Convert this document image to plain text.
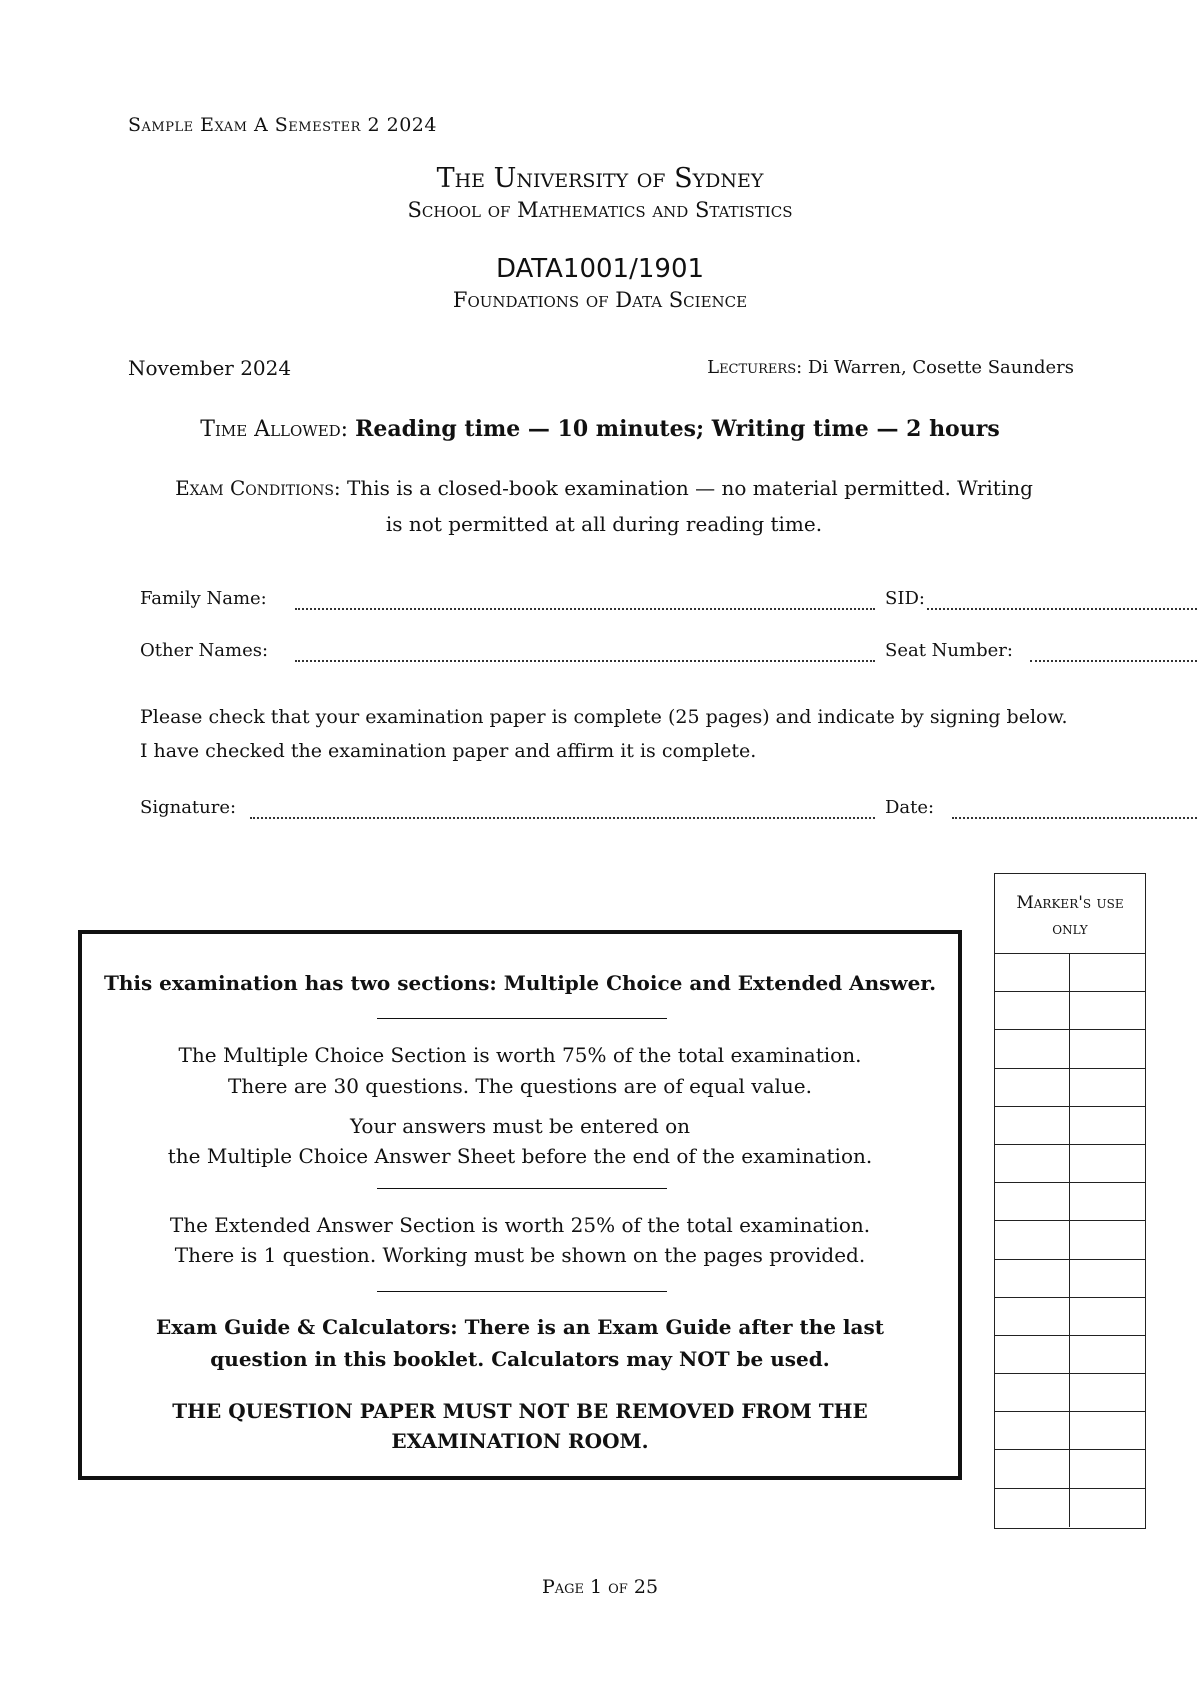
Sample Exam A Semester 2 2024
The University of Sydney
School of Mathematics and Statistics
DATA1001/1901
Foundations of Data Science
November 2024	Lecturers: Di Warren, Cosette Saunders
Time Allowed: Reading time — 10 minutes; Writing time — 2 hours
Exam Conditions: This is a closed-book examination — no material permitted. Writing
is not permitted at all during reading time.
Family Name:	SID:
Other Names:	Seat Number:
Please check that your examination paper is complete (25 pages) and indicate by signing below.
I have checked the examination paper and affirm it is complete.
Signature:	Date:
This examination has two sections: Multiple Choice and Extended Answer.
The Multiple Choice Section is worth 75% of the total examination.
There are 30 questions. The questions are of equal value.
Your answers must be entered on
the Multiple Choice Answer Sheet before the end of the examination.
The Extended Answer Section is worth 25% of the total examination.
There is 1 question. Working must be shown on the pages provided.
Exam Guide & Calculators: There is an Exam Guide after the last
question in this booklet. Calculators may NOT be used.
THE QUESTION PAPER MUST NOT BE REMOVED FROM THE
EXAMINATION ROOM.
Marker's use
only
Page 1 of 25
